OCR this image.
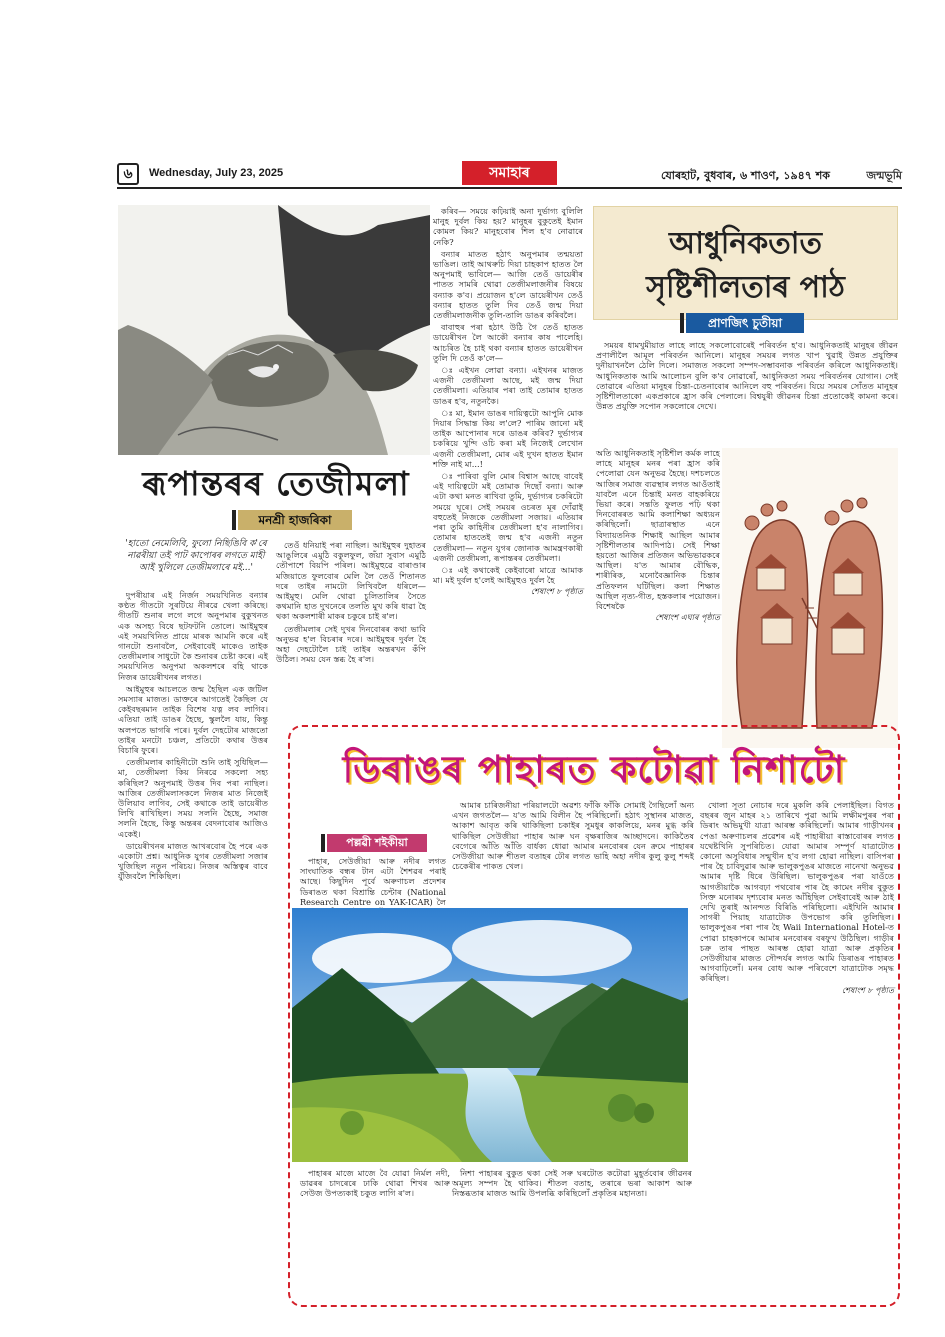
৬	Wednesday, July 23, 2025	সমাহাৰ	যোৰহাট, বুধবাৰ, ৬ শাওণ, ১৯৪৭ শক	জন্মভূমি
ৰূপান্তৰৰ তেজীমলা
মনশ্ৰী হাজৰিকা
'হাতো নেমেলিবি, ফুলো নিছিঙিবি ক'ৰে নাৱৰীয়া তই পাট কাপোৰৰ লগতে মাহী আই খুলিলে তেজীমলাৰে মই...'

দুপৰীয়াৰ এই নিৰ্জন সময়খিনিত বন্যাৰ কণ্ঠত গীতটো সুৰটিয়ে নীৰৱে খেলা কৰিছে। গীতটি শুনাৰ লগে লগে অনুপমাৰ বুকুখনত এক অসহ্য বিষে ছটফটনি তোলে। আইমুহুৰ এই সময়খিনিত প্ৰায়ে মাৰক আমনি কৰে এই গানটো শুনাবলৈ, সেইবাবেই মাকেও তাইক তেজীমলাৰ সাধুটো কৈ শুনাবৰ চেষ্টা কৰে। এই সময়খিনিত অনুপমা অকলশৰে বহি থাকে নিজৰ ডায়েৰীখনৰ লগত।

আইমুহুৰ আচলতে জন্ম হৈছিল এক জটিল সমস্যাৰ মাজত। ডাক্তৰে আগতেই কৈছিল যে কেইবছৰমান তাইক বিশেষ যত্ন লব লাগিব। এতিয়া তাই ডাঙৰ হৈছে, স্কুললৈ যায়, কিন্তু অলপতে ভাগৰি পৰে। দুৰ্বল দেহটোৰ মাজতো তাইৰ মনটো চঞ্চল, প্ৰতিটো কথাৰ উত্তৰ বিচাৰি ফুৰে।

তেজীমলাৰ কাহিনীটো শুনি তাই সুধিছিল— মা, তেজীমলা কিয় নিৰৱে সকলো সহ্য কৰিছিল? অনুপমাই উত্তৰ দিব পৰা নাছিল। আজিৰ তেজীমলাসকলে নিজৰ মাত নিজেই উলিয়াব লাগিব, সেই কথাকে তাই ডায়েৰীত লিখি ৰাখিছিল। সময় সলনি হৈছে, সমাজ সলনি হৈছে, কিন্তু অন্তৰৰ বেদনাবোৰ আজিও একেই।

ডায়েৰীখনৰ মাজত আখৰবোৰ হৈ পৰে এক একোটা প্ৰশ্ন। আধুনিক যুগৰ তেজীমলা সজাৰ খুজিছিল নতুন পৰিচয়। নিজৰ অস্তিত্বৰ বাবে যুঁজিবলৈ শিকিছিল।

তেওঁ ধনিয়াই পৰা নাছিল। আইমুহুৰ দুহাতৰ আঙুলিৰে এমুঠি বকুলফুল, জঁয়া সুবাস এমুঠি তৌপাশে বিয়পি পৰিল। আইমুহুৱে বাৰাণ্ডাৰ মজিয়াতে ফুলবোৰ মেলি লৈ তেওঁ শিতানত দৰে তাইৰ নামটো লিখিবলৈ ধৰিলে— আইমুহু। মেলি থোৱা চুলিতালিৰ সৈতে কথমানি হাত দুখনেৰে তলতি মুখ কৰি ধাৱা হৈ থকা অকলশাৰী মাকৰ চকুৰে চাই ৰ'ল।

তেজীমলাৰ সেই দুখৰ দিনবোৰৰ কথা ভাবি অনুভৱ হ'ল বিচৰাৰ দৰে। আইমুহুৰ দুৰ্বল হৈ অহা দেহটোলৈ চাই তাইৰ অন্তৰখন কঁপি উঠিল। সময় যেন স্তব্ধ হৈ ৰ'ল।

কৰিব— সময়ে কঢ়িয়াই অনা দুৰ্ভাগ্য বুলিলি মানুহ দুৰ্বল কিয় হয়? মানুহৰ বুকুতেই ইমান কোমল কিয়? মানুহবোৰ শিল হ'ব নোৱাৰে নেকি?

বন্যাৰ মাতত হঠাৎ অনুপমাৰ তন্ময়তা ভাঙিল। তাই আথৰুচি দিয়া চাহকাপ হাতত লৈ অনুপমাই ভাবিলে— আজি তেওঁ ডায়েৰীৰ পাতত সামৰি থোৱা তেজীমলাজনীৰ বিষয়ে বন্যাক ক'ব। প্ৰয়োজন হ'লে ডায়েৰীখন তেওঁ বন্যাৰ হাতত তুলি দিব তেওঁ জন্ম দিয়া তেজীমলাজনীক তুলি-তালি ডাঙৰ কৰিবলৈ।

বাবাহুৰ পৰা হঠাৎ উঠি গৈ তেওঁ হাতত ডায়েৰীখন লৈ আকৌ বন্যাৰ কাষ পালেহি। আচৰিত হৈ চাই থকা বন্যাৰ হাতত ডায়েৰীখন তুলি দি তেওঁ ক'লে—

ঃ এইখন লোৱা বন্যা। এইখনৰ মাজত এজনী তেজীমলা আছে, মই জন্ম দিয়া তেজীমলা। এতিয়াৰ পৰা তাই তোমাৰ হাতত ডাঙৰ হ'ব, নতুনকৈ।

ঃ মা, ইমান ডাঙৰ দায়িত্বটো আপুনি মোক দিয়াৰ সিদ্ধান্ত কিয় ল'লে? পাৰিম জানো মই তাইক আপোনাৰ দৰে ডাঙৰ কৰিব? দুৰ্ভাগ্যৰ চকৰিয়ে খুন্দি ওচি কৰা মই নিজেই লেখোন এজনী তেজীমলা, মোৰ এই দুখন হাতত ইমান শক্তি নাই মা...!

ঃ পাৰিবা বুলি মোৰ বিশ্বাস আছে বাবেই এই দায়িত্বটো মই তোমাক দিছোঁ বন্যা। আৰু এটা কথা মনত ৰাখিবা তুমি, দুৰ্ভাগ্যৰ চকৰিটো সময়ে ঘূৰে। সেই সময়ৰ ওচৰত মূৰ দোঁৱাই বহুতেই নিজকে তেজীমলা সজায়। এতিয়াৰ পৰা তুমি কাহিনীৰ তেজীমলা হ'ব নালাগিব। তোমাৰ হাততেই জন্ম হ'ব এজনী নতুন তেজীমলা— নতুন যুগৰ জোনাক আমন্ত্ৰণকাৰী এজনী তেজীমলা, ৰূপান্তৰৰ তেজীমলা।

ঃ এই কথাকেই কেইবাৰো মাত্ৰে আমাক মা। মই দুৰ্বল হ'লেই আইমুহুও দুৰ্বল হৈ

শেষাংশ ৮ পৃষ্ঠাত

আধুনিকতাত
সৃষ্টিশীলতাৰ পাঠ
প্ৰাণজিৎ চুতীয়া

সময়ৰ ধামখুমীয়াত লাহে লাহে সকলোবোৰেই পৰিবৰ্তন হ'ব। আধুনিকতাই মানুহৰ জীৱন প্ৰণালীলৈ আমূল পৰিবৰ্তন আনিলে। মানুহৰ সময়ৰ লগত খাপ খুৱাই উন্নত প্ৰযুক্তিৰ দুনীয়াখনলৈ ঠেলি দিলে। সমাজত সকলো সম্পদ-সম্ভাবনাক পৰিবৰ্তন কৰিলে আধুনিকতাই। আধুনিকতাক আমি আলোচন বুলি ক'ব নোৱাৰোঁ, আধুনিকতা সময় পৰিবৰ্তনৰ যোগান। সেই তোৱাৰে এতিয়া মানুহৰ চিন্তা-চেতনাবোৰ আনিলে বহু পৰিবৰ্তন। যিয়ে সময়ৰ সোঁতত মানুহৰ সৃষ্টিশীলতাকো একপ্ৰকাৰে হ্ৰাস কৰি পেলালে। বিশ্বযুৰী জীৱনৰ চিন্তা প্ৰতোকেই কামনা কৰে। উন্নত প্ৰযুক্তি সপোন সকলোৰে দেখে।

অতি আধুনিকতাই সৃষ্টিশীল কৰ্মক লাহে লাহে মানুহৰ মনৰ পৰা হ্ৰাস কৰি পেলোৱা যেন অনুভৱ হৈছে। দশচলতে আজিৰ সমাজ ব্যৱস্থাৰ লগত আওঁতাই যাবলৈ এনে চিন্তাই মনত বাহকৰিয়ে ভিয়া কৰে। সন্ততি ফুলত পঢ়ি থকা দিনবোৰৰত আমি কলাশিক্ষা অধ্যয়ন কৰিছিলোঁ। ছাত্ৰাৰস্থাত এনে বিদ্যায়তনিক শিক্ষাই আছিল আমাৰ সৃষ্টিশীলতাৰ আদিপাঠ। সেই শিক্ষা হয়তো আজিৰ প্ৰতিজন অভিভাৱকৰে আছিল। য'ত আমাৰ বৌদ্ধিক, শাৰীৰিক, মনোবৈজ্ঞানিক চিন্তাৰ প্ৰতিফলন ঘটিছিল। কলা শিক্ষাত আছিল নৃত্য-গীত, হস্তকলাৰ পয়োজন। বিশেষকৈ

শেষাংশ এঘাৰ পৃষ্ঠাত

ডিৰাঙৰ পাহাৰত কটোৱা নিশাটো
পল্লৱী শইকীয়া

পাহাৰ, সেউজীয়া আৰু নদীৰ লগত সাংঘাতিক বন্ধৰ টান এটা শৈশৱৰ পৰাই আছে। কিছুদিন পূৰ্বে অৰুণাচল প্ৰদেশৰ ডিৰাঙত থকা বিশ্ৰান্তি চেন্টাৰ (National Research Centre on YAK-ICAR) লৈ

আমাৰ চাৰিজনীয়া পৰিয়ালটো অৱশ্য ফাঁকি ফাঁকি সোমাই গৈছিলোঁ অন্য এখন জগতলৈ— য'ত আমি বিলীন হৈ পৰিছিলোঁ। হঠাৎ সুস্থানৰ মাজত, আকাশ আবৃত কৰি থাকিছিলা চকাইৰ সুমধুৰ কাকলিয়ে, মনৰ মুগ্ধ কৰি থাকিছিল সেউজীয়া পাহাৰ আৰু ঘন বৃক্ষৰাজিৰ আচ্ছাদনে। কাকিতৈষ বেগেৰে আঁতি আঁতি বাৰ্ধক্য ধোৱা আমাৰ মনবোৰৰ যেন ক্ৰমে পাহাৰৰ সেউজীয়া আৰু শীতল বতাহৰ ঢৌৰ লগত ভাহি অহা নদীৰ কুলু কুলু শব্দই চেকেৰীৰ পাকত খেল।

খোলা সূতা নোচাৰ দৰে মুকলি কৰি পেলাইছিল। বিগত বছৰৰ জুন মাহৰ ২১ তাৰিখে পুৱা আমি লক্ষীমপুৰৰ পৰা ডিৰাং অভিমুখী যাত্ৰা আৰম্ভ কৰিছিলোঁ। আমাৰ গাড়ীখনৰ পেঙা অৰুণাচলৰ প্ৰৱেশৰ এই পাহাৰীয়া ৰাস্তাবোৰৰ লগত যথেষ্টখিনি সুপৰিচিত। যোৱা আমাৰ সম্পূৰ্ণ যাত্ৰাটোত কোনো অসুবিধাৰ সন্মুখীন হ'ব লগা হোৱা নাছিল। বাসিপৰা পাৰ হৈ চাবিদুৱাৰ আৰু ভালুকপুঙৰ মাজতে নানেখা অনুভৱ আমাৰ দৃষ্টি ধিৰে উৰিছিল। ভালুকপুঙৰ পৰা যাওঁতে আগতীয়াকৈ আগবঢ়া পথবোৰ পাৰ হৈ কামেং নদীৰ বুকুত সিক্ত মনোৰম দৃশ্যবোৰ মনত আঁহিছিল সেইবাবেই আৰু ঠাই দেখি তুৰাই আনন্দত বিৰিঙি পৰিছিলো। এইখিনি আমাৰ সাগৰী পিয়াহ যাত্ৰাটোক উপভোগ কৰি তুলিছিল। ভালুকপুঙৰ পৰা পাৰ হৈ Waii International Hotel-ত পোৱা চাহকাপৰে আমাৰ মনবোৰৰ বৰফুখ উঠিছিল। গাড়ীৰ চক্ৰ তাৰ পাছত আৰম্ভ হোৱা যাত্ৰা আৰু প্ৰকৃতিৰ সেউজীয়াৰ মাজত সৌন্দৰ্যৰ লগত আমি ডিৰাঙৰ পাহাৰত আগবাঢ়িলোঁ। মনৰ বোধ আৰু পৰিবেশে যাত্ৰাটোক সমৃদ্ধ কৰিছিল।

শেষাংশ ৮ পৃষ্ঠাত

পাহাৰৰ মাজে মাজে বৈ যোৱা নিৰ্মল নদী, ডাৱৰৰ চাদৰেৰে ঢাকি থোৱা শিখৰ আৰু সেউজ উপত্যকাই চকুত লাগি ৰ'ল।

নিশা পাহাৰৰ বুকুত থকা সেই সৰু ঘৰটোত কটোৱা মুহূৰ্তবোৰ জীৱনৰ অমূল্য সম্পদ হৈ থাকিব। শীতল বতাহ, তৰাৰে ভৰা আকাশ আৰু নিস্তব্ধতাৰ মাজত আমি উপলব্ধি কৰিছিলোঁ প্ৰকৃতিৰ মহানতা।
